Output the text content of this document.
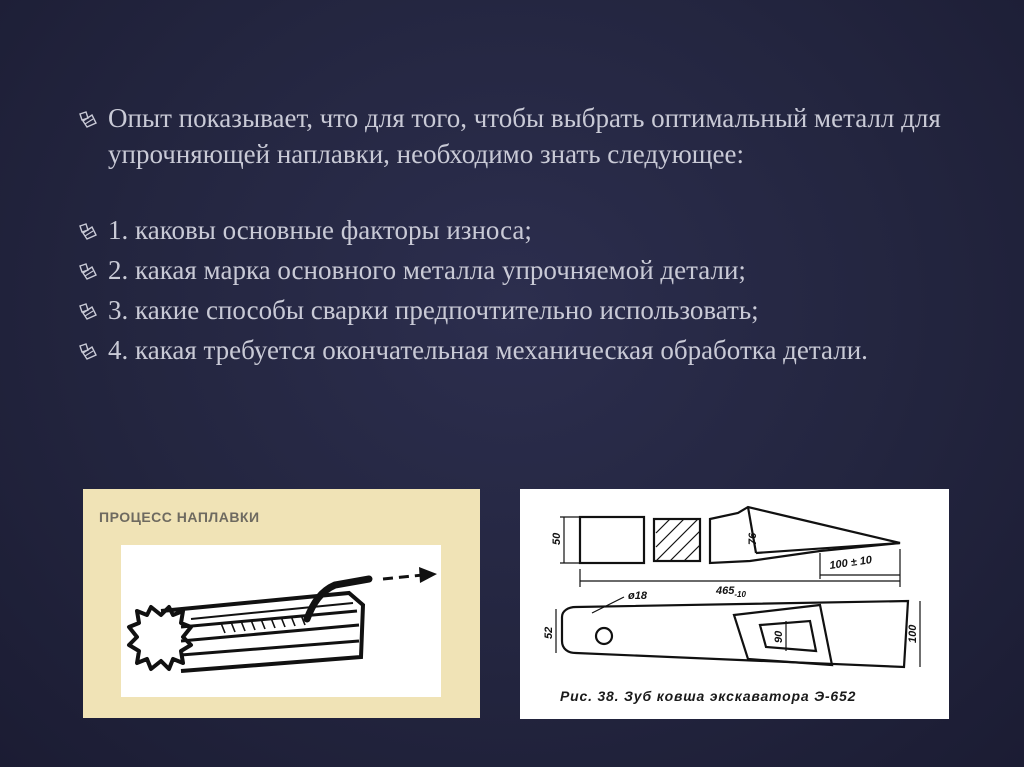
Опыт показывает, что для того, чтобы выбрать оптимальный металл для упрочняющей наплавки, необходимо знать следующее:
1. каковы основные факторы износа;
2. какая марка основного металла упрочняемой детали;
3. какие способы сварки предпочтительно использовать;
4. какая требуется окончательная механическая обработка детали.
ПРОЦЕСС НАПЛАВКИ
50	76
100 ± 10
$465_{-10}$
ø18
52	90	100
Рис. 38. Зуб ковша экскаватора Э-652
